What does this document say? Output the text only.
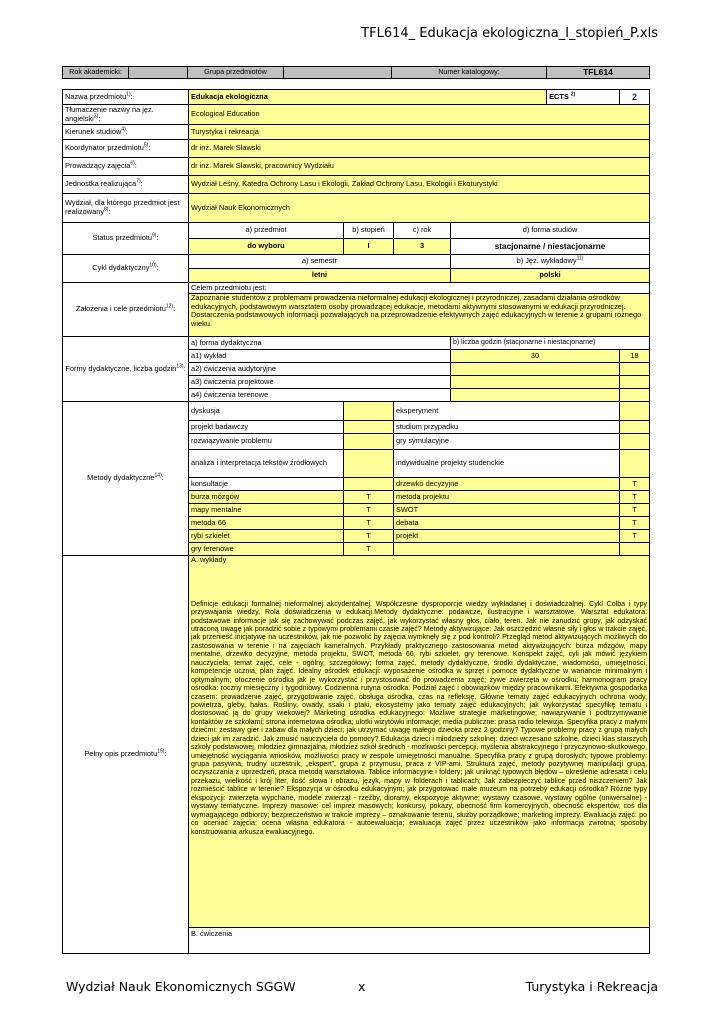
TFL614_ Edukacja ekologiczna_I_stopień_P.xls
Rok akademicki:		Grupa przedmiotów		Numer katalogowy:	TFL614
Nazwa przedmiotu$^{1)}$:	Edukacja ekologiczna				ECTS $^{2)}$	2	
Tłumaczenie nazwy na jęz. angielski$^{3)}$:	Ecological Education						
Kierunek studiów$^{4)}$:	Turystyka i rekreacja						
Koordynator przedmiotu$^{5)}$:	dr inż. Marek Sławski						
Prowadzący zajęcia$^{6)}$:	dr inż. Marek Sławski, pracownicy Wydziału						
Jednostka realizująca$^{7)}$:	Wydział Leśny, Katedra Ochrony Lasu i Ekologii, Zakład Ochrony Lasu, Ekologii i Ekoturystyki						
Wydział, dla którego przedmiot jest realizowany$^{8)}$:	Wydział Nauk Ekonomicznych						
Status przedmiotu$^{9)}$:	a) przedmiot	b) stopień	c) rok	d) forma studiów			
	do wyboru	I	3	stacjonarne / niestacjonarne			
Cykl dydaktyczny$^{10)}$:	a) semestr			b) Jęz. wykładowy$^{11)}$
	letni			polski			
Założenia i cele przedmiotu$^{12)}$:	Celem przedmiotu jest:						
	Zapoznanie studentów z problemami prowadzenia nieformalnej edukacji ekologicznej i przyrodniczej, zasadami działania ośrodków edukacyjnych, podstawowym warsztatem osoby prowadzącej edukacje, metodami aktywnymi stosowanymi w edukacji przyrodniczej. Dostarczenia podstawowych informacji pozwalających na przeprowadzenie efektywnych zajęć edukacyjnych w terenie z grupami różnego wieku.						
Formy dydaktyczne, liczba godzin$^{13)}$:	a) forma dydaktyczna			b) liczba godzin (stacjonarne i niestacjonarne)			
	a1) wykład			30		18	
	a2) ćwiczenia audytoryjne						
	a3) ćwiczenia projektowe						
	a4) ćwiczenia terenowe						
Metody dydaktyczne$^{14)}$:	dyskusja		eksperyment				
	projekt badawczy		studium przypadku				
	rozwiązywanie problemu		gry symulacyjne				
	analiza i interpretacja tekstów źródłowych		indywidualne projekty studenckie				
	konsultacje		drzewko decyzyjne			T	
	burza mózgów	T	metoda projektu			T	
	mapy mentalne	T	SWOT			T	
	metoda 66	T	debata			T	
	rybi szkielet	T	projekt			T	
	gry terenowe	T					
Pełny opis przedmiotu$^{15)}$:	A. wykłady
Definicje edukacji formalnej nieformalnej akcydentalnej. Współczesne dysproporcje wiedzy wykładanej i doświadczalnej. Cykl Colba i typy przyswajania wiedzy, Rola doświadczenia w edukacji.Metody dydaktyczne: podawcze, ilustracyjne i warsztatowe. Warsztat edukatora: podstawowe informacje jak się zachowywać podczas zajęć, jak wykorzystać własny głos, ciało, teren. Jak nie zanudzić grupy, jak odzyskać utraconą uwagę jak poradzić sobie z typowymi problemami czasie zajęć? Metody aktywizujące: Jak oszczędzić własne siły i głos w trakcie zajęć, jak przenieść inicjatywę na uczestników, jak nie pozwolić by zajęcia wymknęły się z pod kontroli? Przegląd metod aktywizujących możliwych do zastosowania w terenie i na zajęciach kameralnych. Przykłady praktycznego zastosowania metod aktywizujących: burza mózgów, mapy mentalne, drzewko decyzyjne, metoda projektu, SWOT, metoda 66, rybi szkielet, gry terenowe. Konspekt zajęć, cyli jak mówić językiem nauczyciela; temat zajęć, cele - ogólny, szczegółowy; forma zajęć, metody dydaktyczne, środki dydaktyczne, wiadomości, umiejętności, kompetencje ucznia, plan zajęć. Idealny ośrodek edukacji: wyposażenie ośrodka w sprzęt i pomoce dydaktyczne w wariancie minimalnym i optymalnym; otoczenie ośrodka jak je wykorzystać i przystosować do prowadzenia zajęć; żywe zwierzęta w ośrodku; harmonogram pracy ośrodka: roczny miesięczny i tygodniowy. Codzienna rutyna ośrodka. Podział zajęć i obowiązków między pracownikami. Efektywna gospodarka czasem: prowadzenie zajęć, przygotowanie zajęć, obsługa ośrodka, czas na refleksję. Główne tematy zajęć edukacyjnych ochrona wody, powietrza, gleby, hałas. Rośliny, owady, ssaki i ptaki, ekosystemy jako tematy zajęć edukacyjnych; jak wykorzystać specyfikę tematu i dostosować ją do grupy wiekowej? Marketing ośrodka edukacyjnego: Możliwe strategie marketingowe; nawiązywanie i podtrzymywanie kontaktów ze szkołami; strona internetowa ośrodka; ulotki wizytówki informacje; media publiczne: prasa radio telewizja. Specyfika pracy z małymi dziećmi: zestawy gier i zabaw dla małych dzieci; jak utrzymać uwagę małego dziecka przez 2 godziny? Typowe problemy pracy z grupą małych dzieci jak im zaradzić. Jak zmusić nauczyciela do pomocy? Edukacja dzieci i młodzieży szkolnej: dzieci wczesano szkolne, dzieci klas starszych szkoły podstawowej, młodzież gimnazjalna, młodzież szkół średnich - możliwości percepcji, myślenia abstrakcyjnego i przyczynowo-skutkowego, umiejętność wyciągania wniosków, możliwości pracy w zespole umiejętności manualne. Specyfika pracy z grupą dorosłych; typowe problemy: grupa pasywna, trudny uczestnik, „ekspert”, grupa z przymusu, praca z VIP-ami. Struktura zajęć, metody pozytywnej manipulacji grupą, oczyszczania z uprzedzeń, praca metodą warsztatowa. Tablice informacyjne i foldery; jak uniknąć typowych błędów – określenie adresata i celu przekazu, wielkość i krój liter, ilość słowa i obrazu, język, mapy w folderach i tablicach; Jak zabezpieczyć tablice przed niszczeniem? Jak rozmieścić tablice w terenie? Ekspozycja w ośrodku edukacyjnym; jak przygotować małe muzeum na potrzeby edukacji ośrodka? Różne typy ekspozycji: zwierzęta wypchane, modele zwierząt - rzeźby, dioramy, ekspozycje aktywne; wystawy czasowe, wystawy ogólne (uniwersalne) - wystawy tematyczne. Imprezy masowe: cel imprez masowych; konkursy, pokazy, obecność firm komercyjnych, obecność ekspertów, coś dla wymagającego odbiorcy; bezpieczeństwo w trakcie imprezy – oznakowanie terenu, służby porządkowe; marketing imprezy. Ewaluacja zajęć: po co oceniać zajęcia; ocena własna edukatora - autoewaluacja; ewaluacja zajęć przez uczestników jako informacja zwrotna; sposoby konstruowania arkusza ewaluacyjnego.						

	B. ćwiczenia						
Wydział Nauk Ekonomicznych SGGW	x	Turystyka i Rekreacja
